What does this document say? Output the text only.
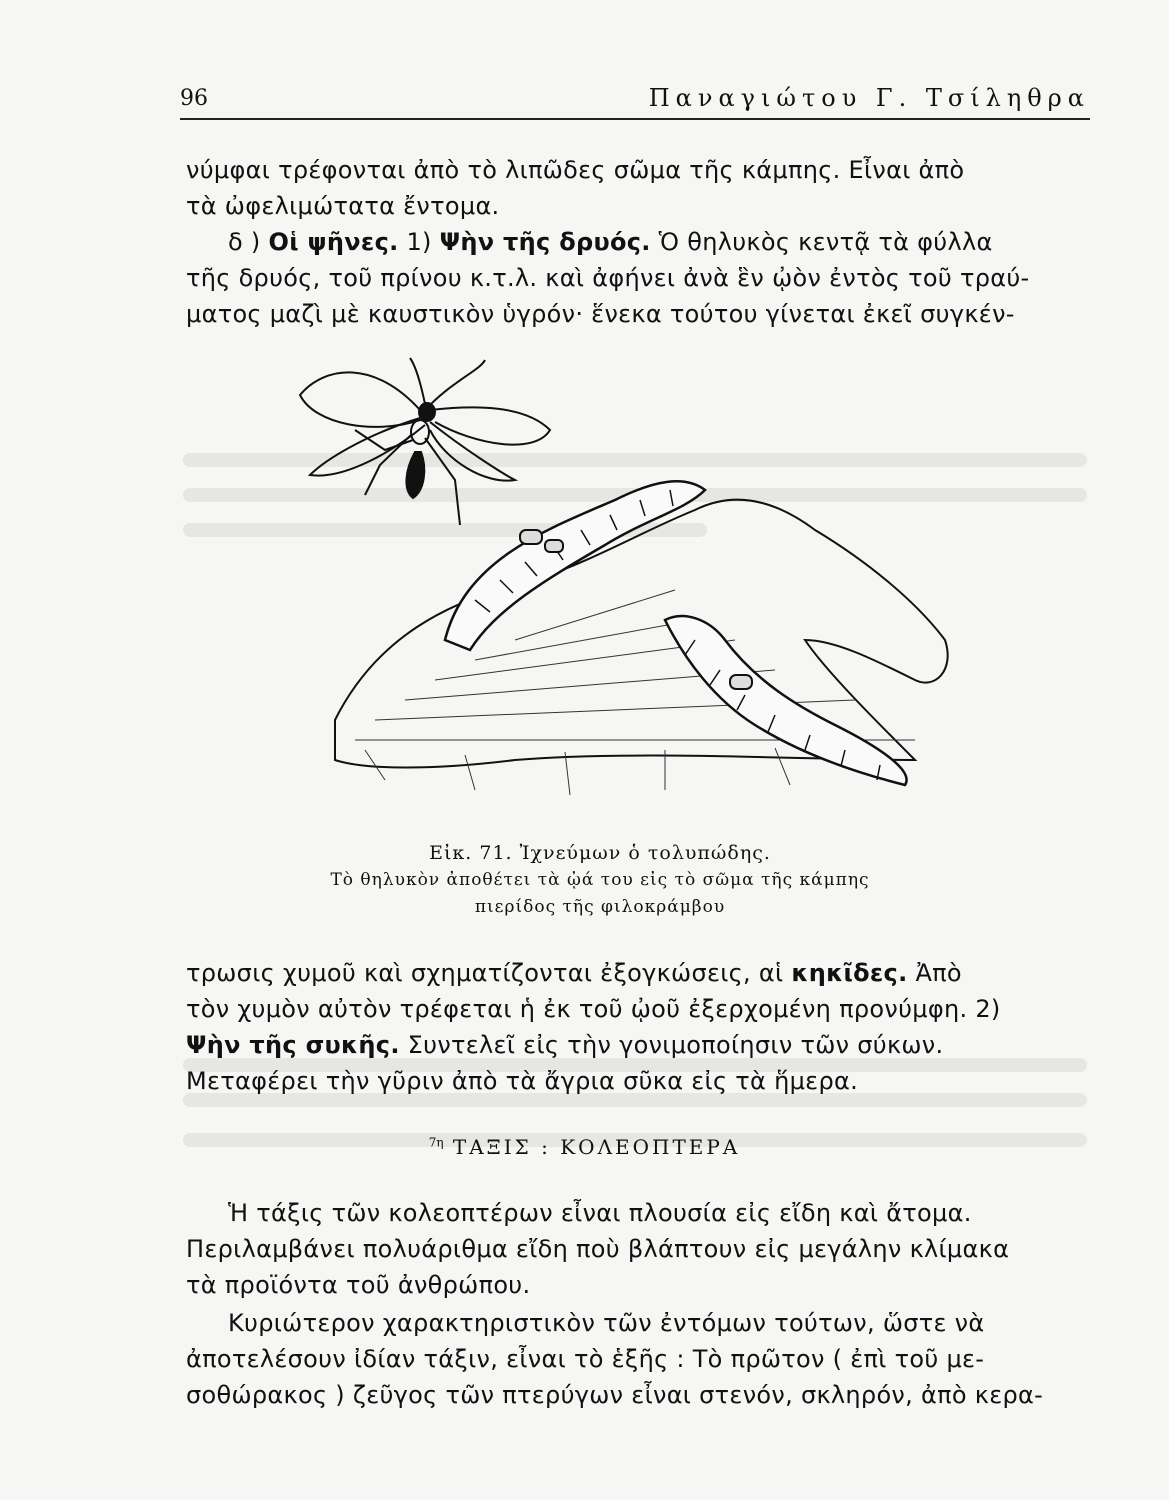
96	Παναγιώτου Γ. Τσίληθρα
νύμφαι τρέφονται ἀπὸ τὸ λιπῶδες σῶμα τῆς κάμπης. Εἶναι ἀπὸ
τὰ ὠφελιμώτατα ἔντομα.
δ ) Οἱ ψῆνες. 1) Ψὴν τῆς δρυός. Ὁ θηλυκὸς κεντᾷ τὰ φύλλα
τῆς δρυός, τοῦ πρίνου κ.τ.λ. καὶ ἀφήνει ἀνὰ ἓν ᾠὸν ἐντὸς τοῦ τραύ-
ματος μαζὶ μὲ καυστικὸν ὑγρόν· ἕνεκα τούτου γίνεται ἐκεῖ συγκέν-
Εἰκ. 71. Ἰχνεύμων ὁ τολυπώδης.
Τὸ θηλυκὸν ἀποθέτει τὰ ᾠά του εἰς τὸ σῶμα τῆς κάμπης
πιερίδος τῆς φιλοκράμβου
τρωσις χυμοῦ καὶ σχηματίζονται ἐξογκώσεις, αἱ κηκῖδες. Ἀπὸ
τὸν χυμὸν αὐτὸν τρέφεται ἡ ἐκ τοῦ ᾠοῦ ἐξερχομένη προνύμφη. 2)
Ψὴν τῆς συκῆς. Συντελεῖ εἰς τὴν γονιμοποίησιν τῶν σύκων.
Μεταφέρει τὴν γῦριν ἀπὸ τὰ ἄγρια σῦκα εἰς τὰ ἥμερα.
$^{7\eta}$ ΤΑΞΙΣ : ΚΟΛΕΟΠΤΕΡΑ
Ἡ τάξις τῶν κολεοπτέρων εἶναι πλουσία εἰς εἴδη καὶ ἄτομα.
Περιλαμβάνει πολυάριθμα εἴδη ποὺ βλάπτουν εἰς μεγάλην κλίμακα
τὰ προϊόντα τοῦ ἀνθρώπου.
Κυριώτερον χαρακτηριστικὸν τῶν ἐντόμων τούτων, ὥστε νὰ
ἀποτελέσουν ἰδίαν τάξιν, εἶναι τὸ ἑξῆς : Τὸ πρῶτον ( ἐπὶ τοῦ με-
σοθώρακος ) ζεῦγος τῶν πτερύγων εἶναι στενόν, σκληρόν, ἀπὸ κερα-
